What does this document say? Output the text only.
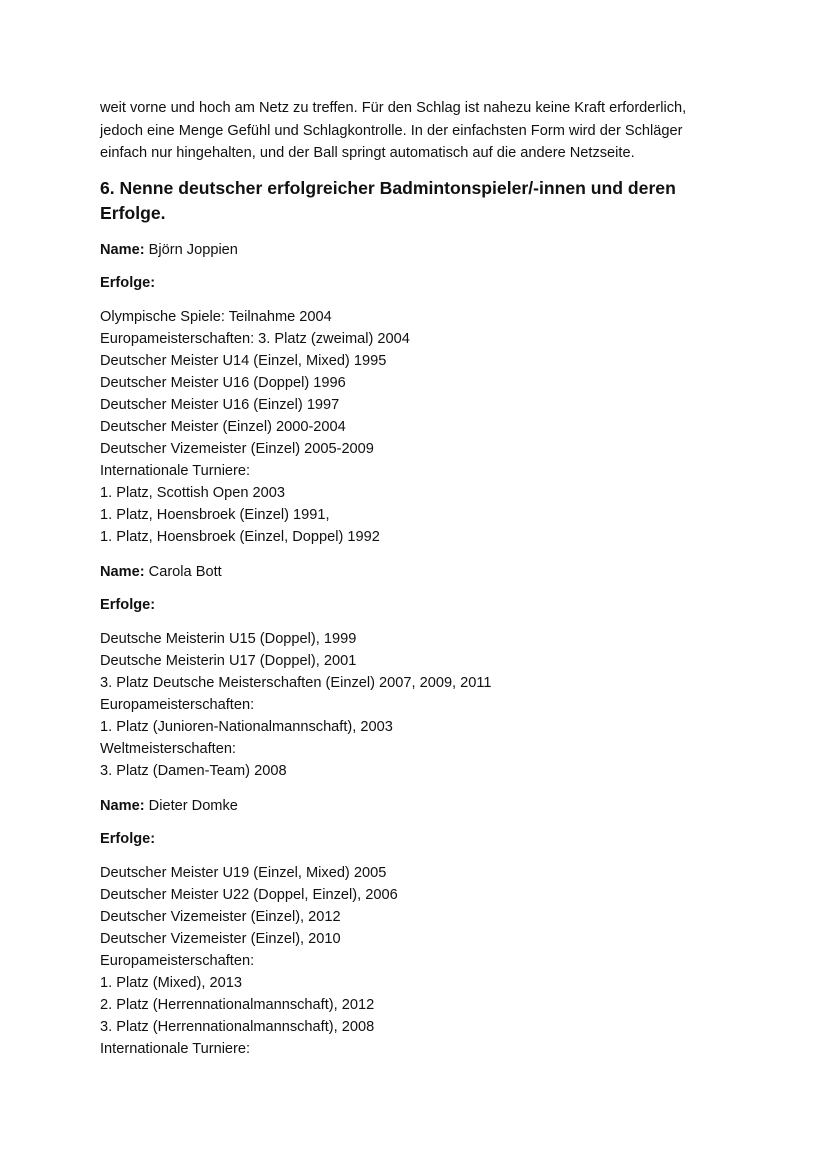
weit vorne und hoch am Netz zu treffen. Für den Schlag ist nahezu keine Kraft erforderlich,

jedoch eine Menge Gefühl und Schlagkontrolle. In der einfachsten Form wird der Schläger

einfach nur hingehalten, und der Ball springt automatisch auf die andere Netzseite.

6. Nenne deutscher erfolgreicher Badmintonspieler/-innen und deren
Erfolge.

Name: Björn Joppien

Erfolge:

Olympische Spiele: Teilnahme 2004
Europameisterschaften: 3. Platz (zweimal) 2004
Deutscher Meister U14 (Einzel, Mixed) 1995
Deutscher Meister U16 (Doppel) 1996
Deutscher Meister U16 (Einzel) 1997
Deutscher Meister (Einzel) 2000-2004
Deutscher Vizemeister (Einzel) 2005-2009
Internationale Turniere:
1. Platz, Scottish Open 2003
1. Platz, Hoensbroek (Einzel) 1991,
1. Platz, Hoensbroek (Einzel, Doppel) 1992

Name: Carola Bott

Erfolge:

Deutsche Meisterin U15 (Doppel), 1999
Deutsche Meisterin U17 (Doppel), 2001
3. Platz Deutsche Meisterschaften (Einzel) 2007, 2009, 2011
Europameisterschaften:
1. Platz (Junioren-Nationalmannschaft), 2003
Weltmeisterschaften:
3. Platz (Damen-Team) 2008

Name: Dieter Domke

Erfolge:

Deutscher Meister U19 (Einzel, Mixed) 2005
Deutscher Meister U22 (Doppel, Einzel), 2006
Deutscher Vizemeister (Einzel), 2012
Deutscher Vizemeister (Einzel), 2010
Europameisterschaften:
1. Platz (Mixed), 2013
2. Platz (Herrennationalmannschaft), 2012
3. Platz (Herrennationalmannschaft), 2008
Internationale Turniere:
